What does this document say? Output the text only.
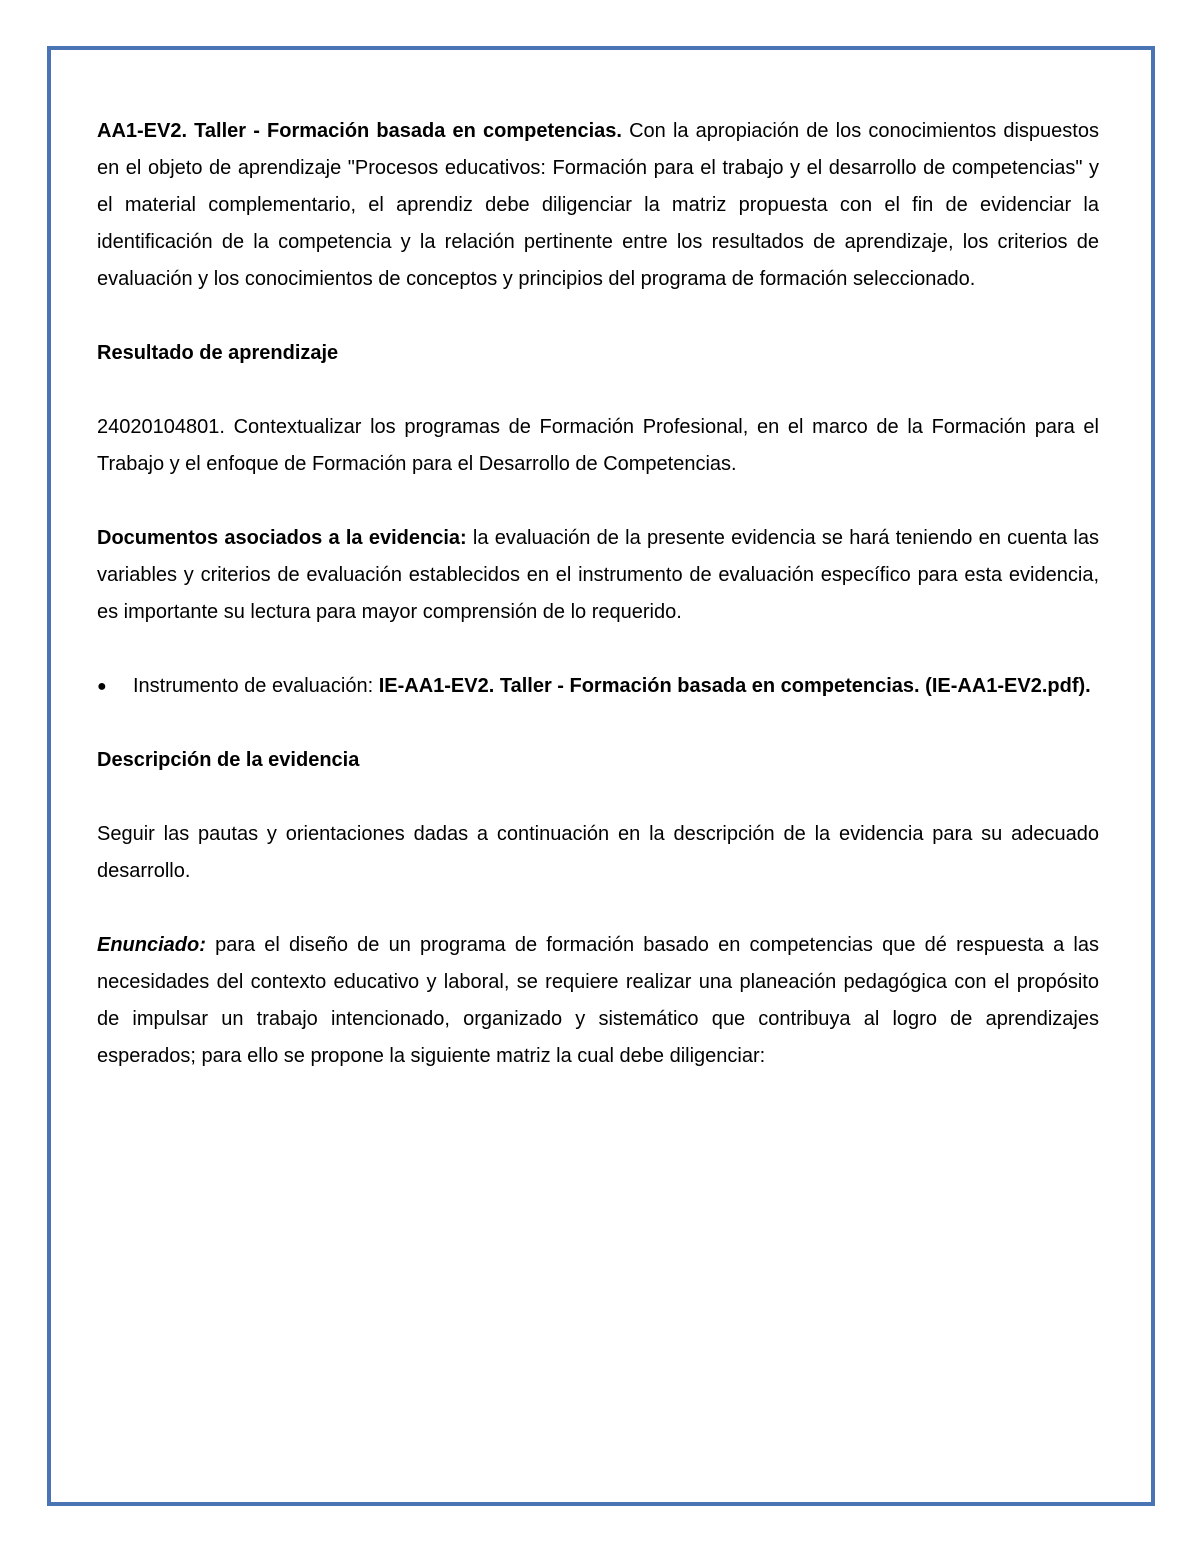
AA1-EV2. Taller - Formación basada en competencias. Con la apropiación de los conocimientos dispuestos en el objeto de aprendizaje "Procesos educativos: Formación para el trabajo y el desarrollo de competencias" y el material complementario, el aprendiz debe diligenciar la matriz propuesta con el fin de evidenciar la identificación de la competencia y la relación pertinente entre los resultados de aprendizaje, los criterios de evaluación y los conocimientos de conceptos y principios del programa de formación seleccionado.

Resultado de aprendizaje

24020104801. Contextualizar los programas de Formación Profesional, en el marco de la Formación para el Trabajo y el enfoque de Formación para el Desarrollo de Competencias.

Documentos asociados a la evidencia: la evaluación de la presente evidencia se hará teniendo en cuenta las variables y criterios de evaluación establecidos en el instrumento de evaluación específico para esta evidencia, es importante su lectura para mayor comprensión de lo requerido.

●	Instrumento de evaluación: IE-AA1-EV2. Taller - Formación basada en competencias. (IE-AA1-EV2.pdf).

Descripción de la evidencia

Seguir las pautas y orientaciones dadas a continuación en la descripción de la evidencia para su adecuado desarrollo.

Enunciado: para el diseño de un programa de formación basado en competencias que dé respuesta a las necesidades del contexto educativo y laboral, se requiere realizar una planeación pedagógica con el propósito de impulsar un trabajo intencionado, organizado y sistemático que contribuya al logro de aprendizajes esperados; para ello se propone la siguiente matriz la cual debe diligenciar:
